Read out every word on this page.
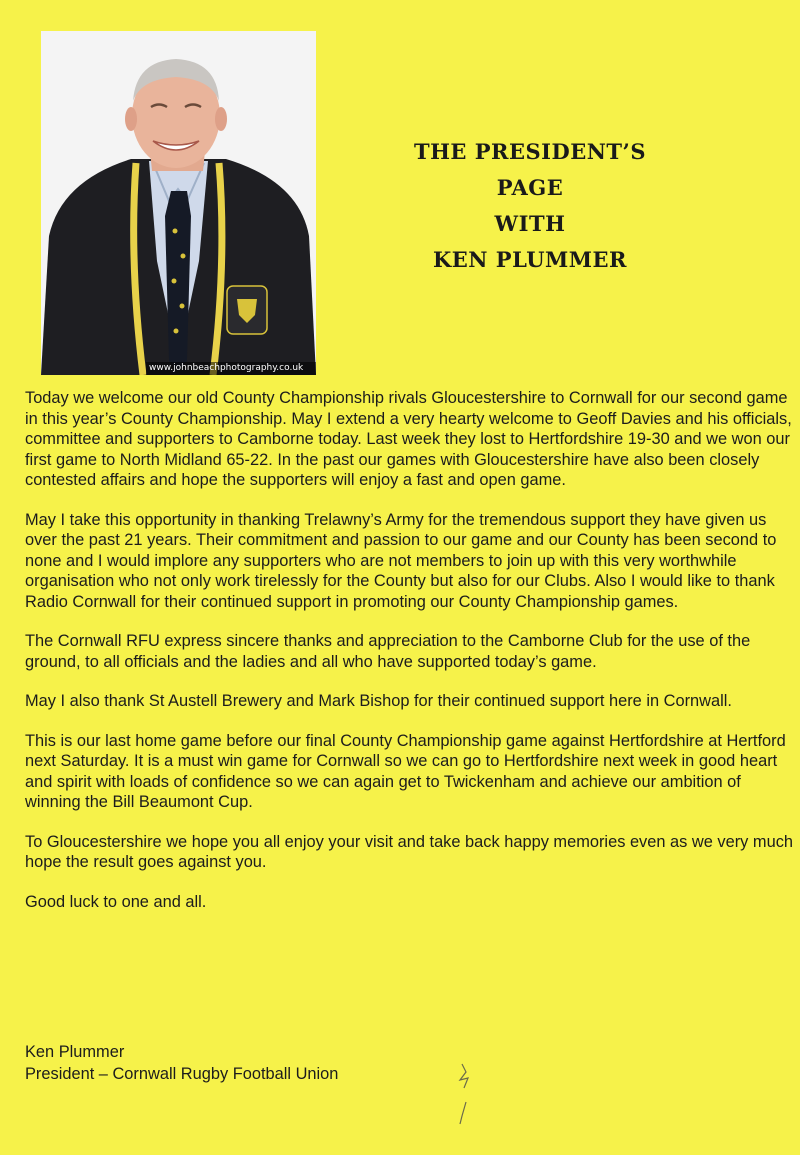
www.johnbeachphotography.co.uk
THE PRESIDENT’S
PAGE
WITH
KEN PLUMMER

Today we welcome our old County Championship rivals Gloucestershire to Cornwall for our second game in this year’s County Championship. May I extend a very hearty welcome to Geoff Davies and his officials, committee and supporters to Camborne today. Last week they lost to Hertfordshire 19-30 and we won our first game to North Midland 65-22. In the past our games with Gloucestershire have also been closely contested affairs and hope the supporters will enjoy a fast and open game.

May I take this opportunity in thanking Trelawny’s Army for the tremendous support they have given us over the past 21 years. Their commitment and passion to our game and our County has been second to none and I would implore any supporters who are not members to join up with this very worthwhile organisation who not only work tirelessly for the County but also for our Clubs. Also I would like to thank Radio Cornwall for their continued support in promoting our County Championship games.

The Cornwall RFU express sincere thanks and appreciation to the Camborne Club for the use of the ground, to all officials and the ladies and all who have supported today’s game.

May I also thank St Austell Brewery and Mark Bishop for their continued support here in Cornwall.

This is our last home game before our final County Championship game against Hertfordshire at Hertford next Saturday. It is a must win game for Cornwall so we can go to Hertfordshire next week in good heart and spirit with loads of confidence so we can again get to Twickenham and achieve our ambition of winning the Bill Beaumont Cup.

To Gloucestershire we hope you all enjoy your visit and take back happy memories even as we very much hope the result goes against you.

Good luck to one and all.

Ken Plummer
President – Cornwall Rugby Football Union
